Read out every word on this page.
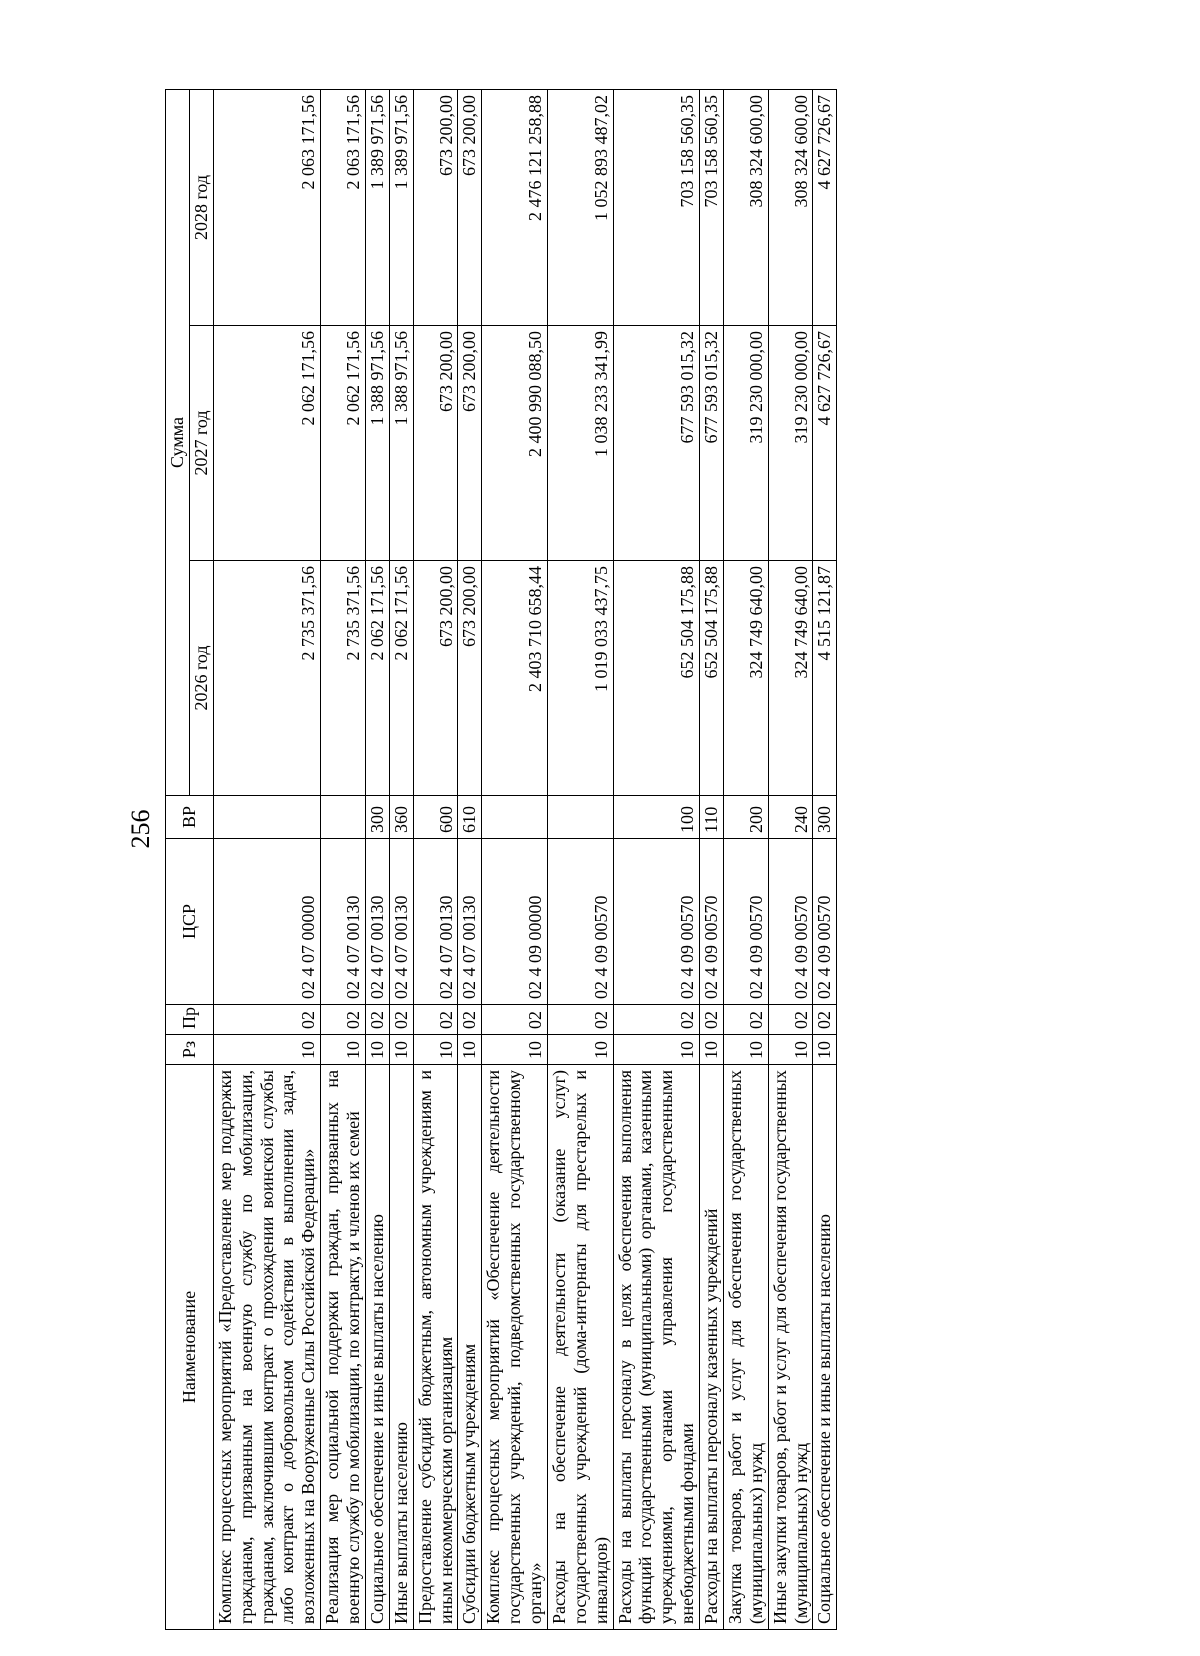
256
Наименование	Рз	Пр	ЦСР	ВР	Сумма		
					2026 год	2027 год	2028 год
Комплекс процессных мероприятий «Предоставление мер поддержки гражданам, призванным на военную службу по мобилизации, гражданам, заключившим контракт о прохождении воинской службы либо контракт о добровольном содействии в выполнении задач, возложенных на Вооруженные Силы Российской Федерации»	10	02	02 4 07 00000		2 735 371,56	2 062 171,56	2 063 171,56
Реализация мер социальной поддержки граждан, призванных на военную службу по мобилизации, по контракту, и членов их семей	10	02	02 4 07 00130		2 735 371,56	2 062 171,56	2 063 171,56
Социальное обеспечение и иные выплаты населению	10	02	02 4 07 00130	300	2 062 171,56	1 388 971,56	1 389 971,56
Иные выплаты населению	10	02	02 4 07 00130	360	2 062 171,56	1 388 971,56	1 389 971,56
Предоставление субсидий бюджетным, автономным учреждениям и иным некоммерческим организациям	10	02	02 4 07 00130	600	673 200,00	673 200,00	673 200,00
Субсидии бюджетным учреждениям	10	02	02 4 07 00130	610	673 200,00	673 200,00	673 200,00
Комплекс процессных мероприятий «Обеспечение деятельности государственных учреждений, подведомственных государственному органу»	10	02	02 4 09 00000		2 403 710 658,44	2 400 990 088,50	2 476 121 258,88
Расходы на обеспечение деятельности (оказание услуг) государственных учреждений (дома-интернаты для престарелых и инвалидов)	10	02	02 4 09 00570		1 019 033 437,75	1 038 233 341,99	1 052 893 487,02
Расходы на выплаты персоналу в целях обеспечения выполнения функций государственными (муниципальными) органами, казенными учреждениями, органами управления государственными внебюджетными фондами	10	02	02 4 09 00570	100	652 504 175,88	677 593 015,32	703 158 560,35
Расходы на выплаты персоналу казенных учреждений	10	02	02 4 09 00570	110	652 504 175,88	677 593 015,32	703 158 560,35
Закупка товаров, работ и услуг для обеспечения государственных (муниципальных) нужд	10	02	02 4 09 00570	200	324 749 640,00	319 230 000,00	308 324 600,00
Иные закупки товаров, работ и услуг для обеспечения государственных (муниципальных) нужд	10	02	02 4 09 00570	240	324 749 640,00	319 230 000,00	308 324 600,00
Социальное обеспечение и иные выплаты населению	10	02	02 4 09 00570	300	4 515 121,87	4 627 726,67	4 627 726,67
